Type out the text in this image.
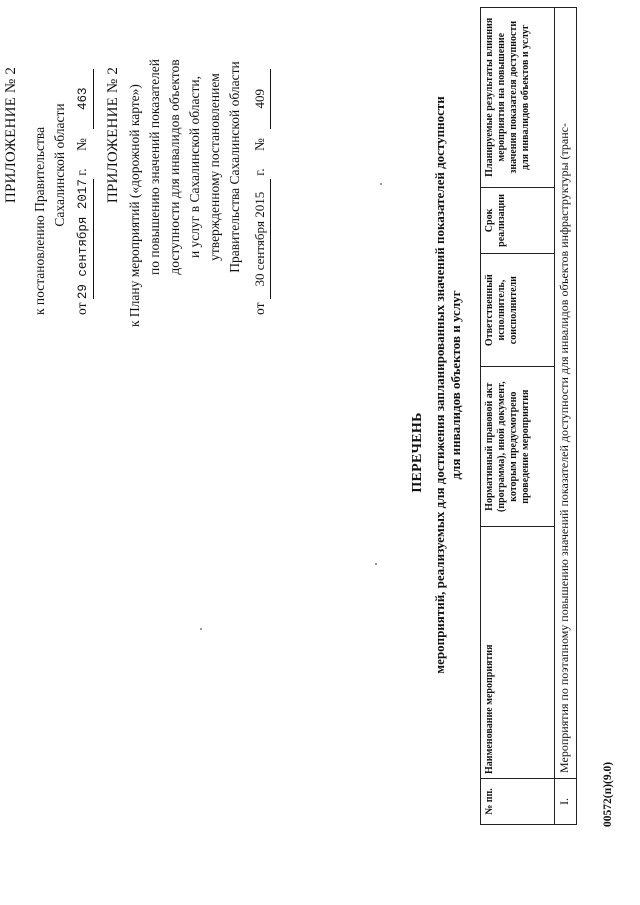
ПРИЛОЖЕНИЕ № 2 к постановлению Правительства Сахалинской области
от 29 сентября 2017 г. № 463 ПРИЛОЖЕНИЕ № 2 к Плану мероприятий («дорожной карте») по повышению значений показателей доступности для инвалидов объектов и услуг в Сахалинской области, утвержденному постановлением Правительства Сахалинской области
от 30 сентября 2015 г. № 409
ПЕРЕЧЕНЬ мероприятий, реализуемых для достижения запланированных значений показателей доступности для инвалидов объектов и услуг
№ пп.	Наименование мероприятия	Нормативный правовой акт (программа), иной документ, которым предусмотрено проведение мероприятия	Ответственный исполнитель, соисполнители	Срок реализации	Планируемые результаты влияния мероприятия на повышение значения показателя доступности для инвалидов объектов и услуг
I.	Мероприятия по поэтапному повышению значений показателей доступности для инвалидов объектов инфраструктуры (транс-				
00572(п)(9.0)
